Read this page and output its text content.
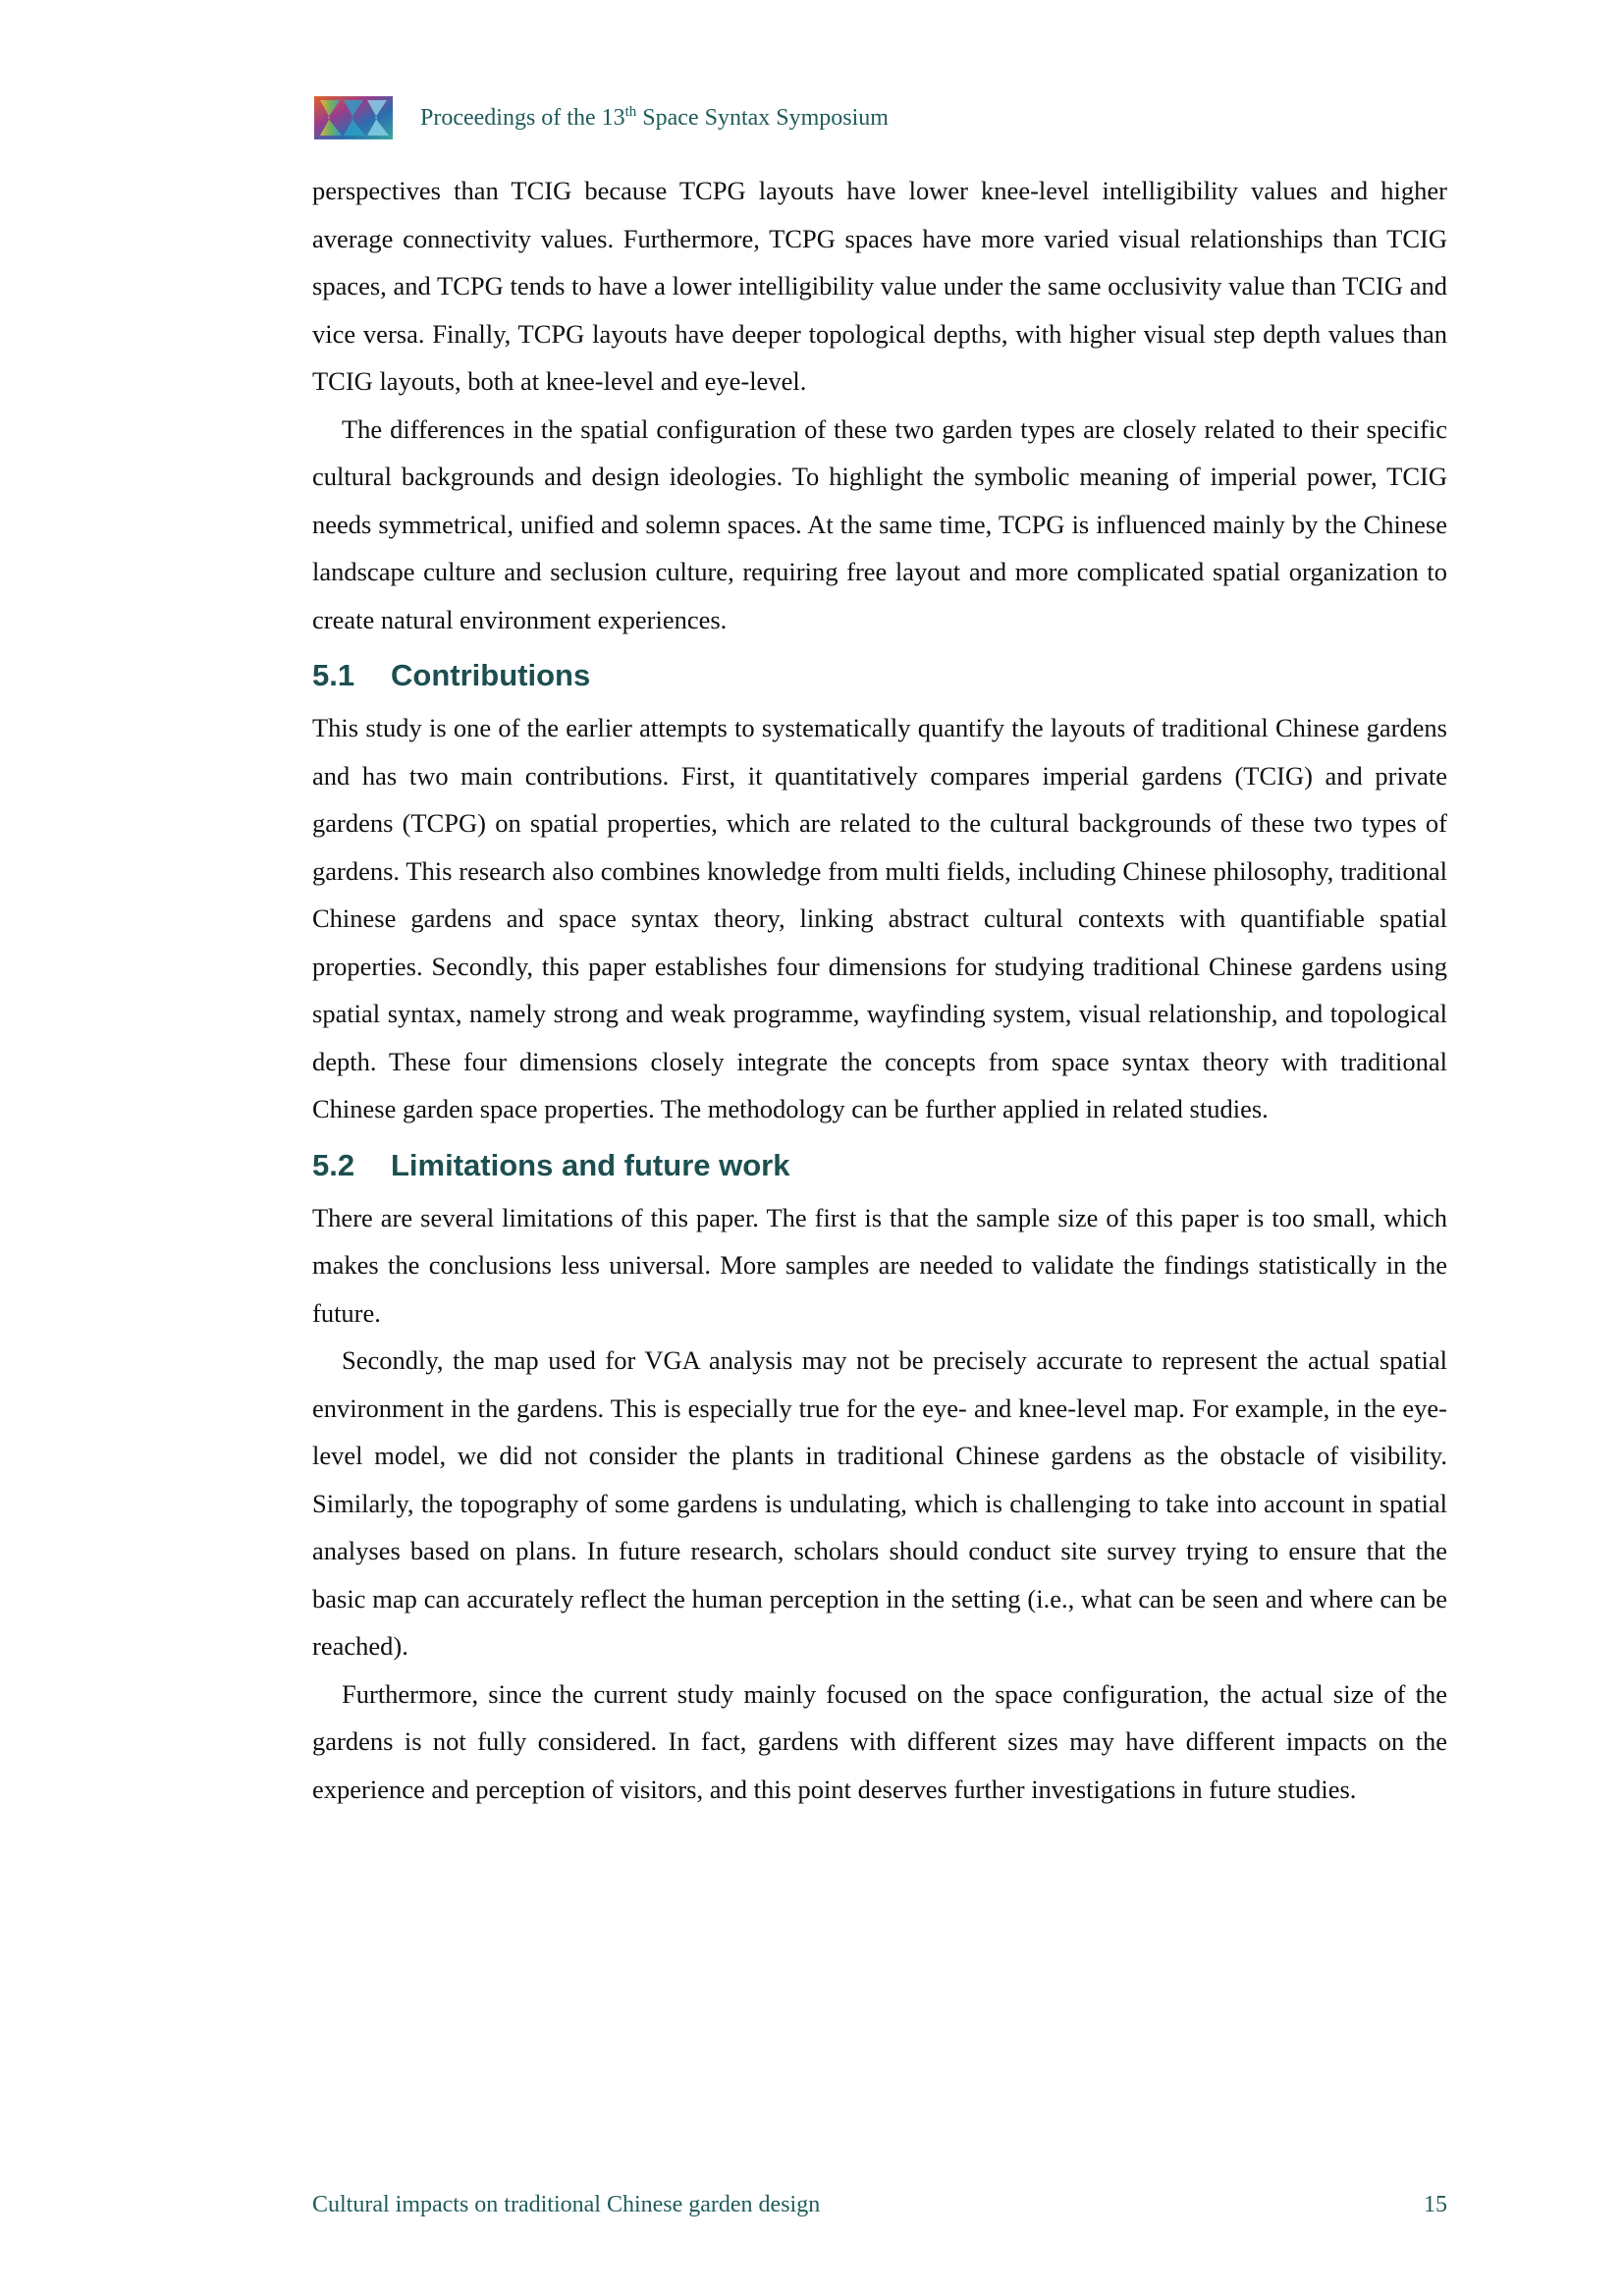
Proceedings of the 13th Space Syntax Symposium

perspectives than TCIG because TCPG layouts have lower knee-level intelligibility values and higher average connectivity values. Furthermore, TCPG spaces have more varied visual relationships than TCIG spaces, and TCPG tends to have a lower intelligibility value under the same occlusivity value than TCIG and vice versa. Finally, TCPG layouts have deeper topological depths, with higher visual step depth values than TCIG layouts, both at knee-level and eye-level.

The differences in the spatial configuration of these two garden types are closely related to their specific cultural backgrounds and design ideologies. To highlight the symbolic meaning of imperial power, TCIG needs symmetrical, unified and solemn spaces. At the same time, TCPG is influenced mainly by the Chinese landscape culture and seclusion culture, requiring free layout and more complicated spatial organization to create natural environment experiences.

5.1	Contributions

This study is one of the earlier attempts to systematically quantify the layouts of traditional Chinese gardens and has two main contributions. First, it quantitatively compares imperial gardens (TCIG) and private gardens (TCPG) on spatial properties, which are related to the cultural backgrounds of these two types of gardens. This research also combines knowledge from multi fields, including Chinese philosophy, traditional Chinese gardens and space syntax theory, linking abstract cultural contexts with quantifiable spatial properties. Secondly, this paper establishes four dimensions for studying traditional Chinese gardens using spatial syntax, namely strong and weak programme, wayfinding system, visual relationship, and topological depth. These four dimensions closely integrate the concepts from space syntax theory with traditional Chinese garden space properties. The methodology can be further applied in related studies.

5.2	Limitations and future work

There are several limitations of this paper. The first is that the sample size of this paper is too small, which makes the conclusions less universal. More samples are needed to validate the findings statistically in the future.

Secondly, the map used for VGA analysis may not be precisely accurate to represent the actual spatial environment in the gardens. This is especially true for the eye- and knee-level map. For example, in the eye-level model, we did not consider the plants in traditional Chinese gardens as the obstacle of visibility. Similarly, the topography of some gardens is undulating, which is challenging to take into account in spatial analyses based on plans. In future research, scholars should conduct site survey trying to ensure that the basic map can accurately reflect the human perception in the setting (i.e., what can be seen and where can be reached).

Furthermore, since the current study mainly focused on the space configuration, the actual size of the gardens is not fully considered. In fact, gardens with different sizes may have different impacts on the experience and perception of visitors, and this point deserves further investigations in future studies.

Cultural impacts on traditional Chinese garden design	15
